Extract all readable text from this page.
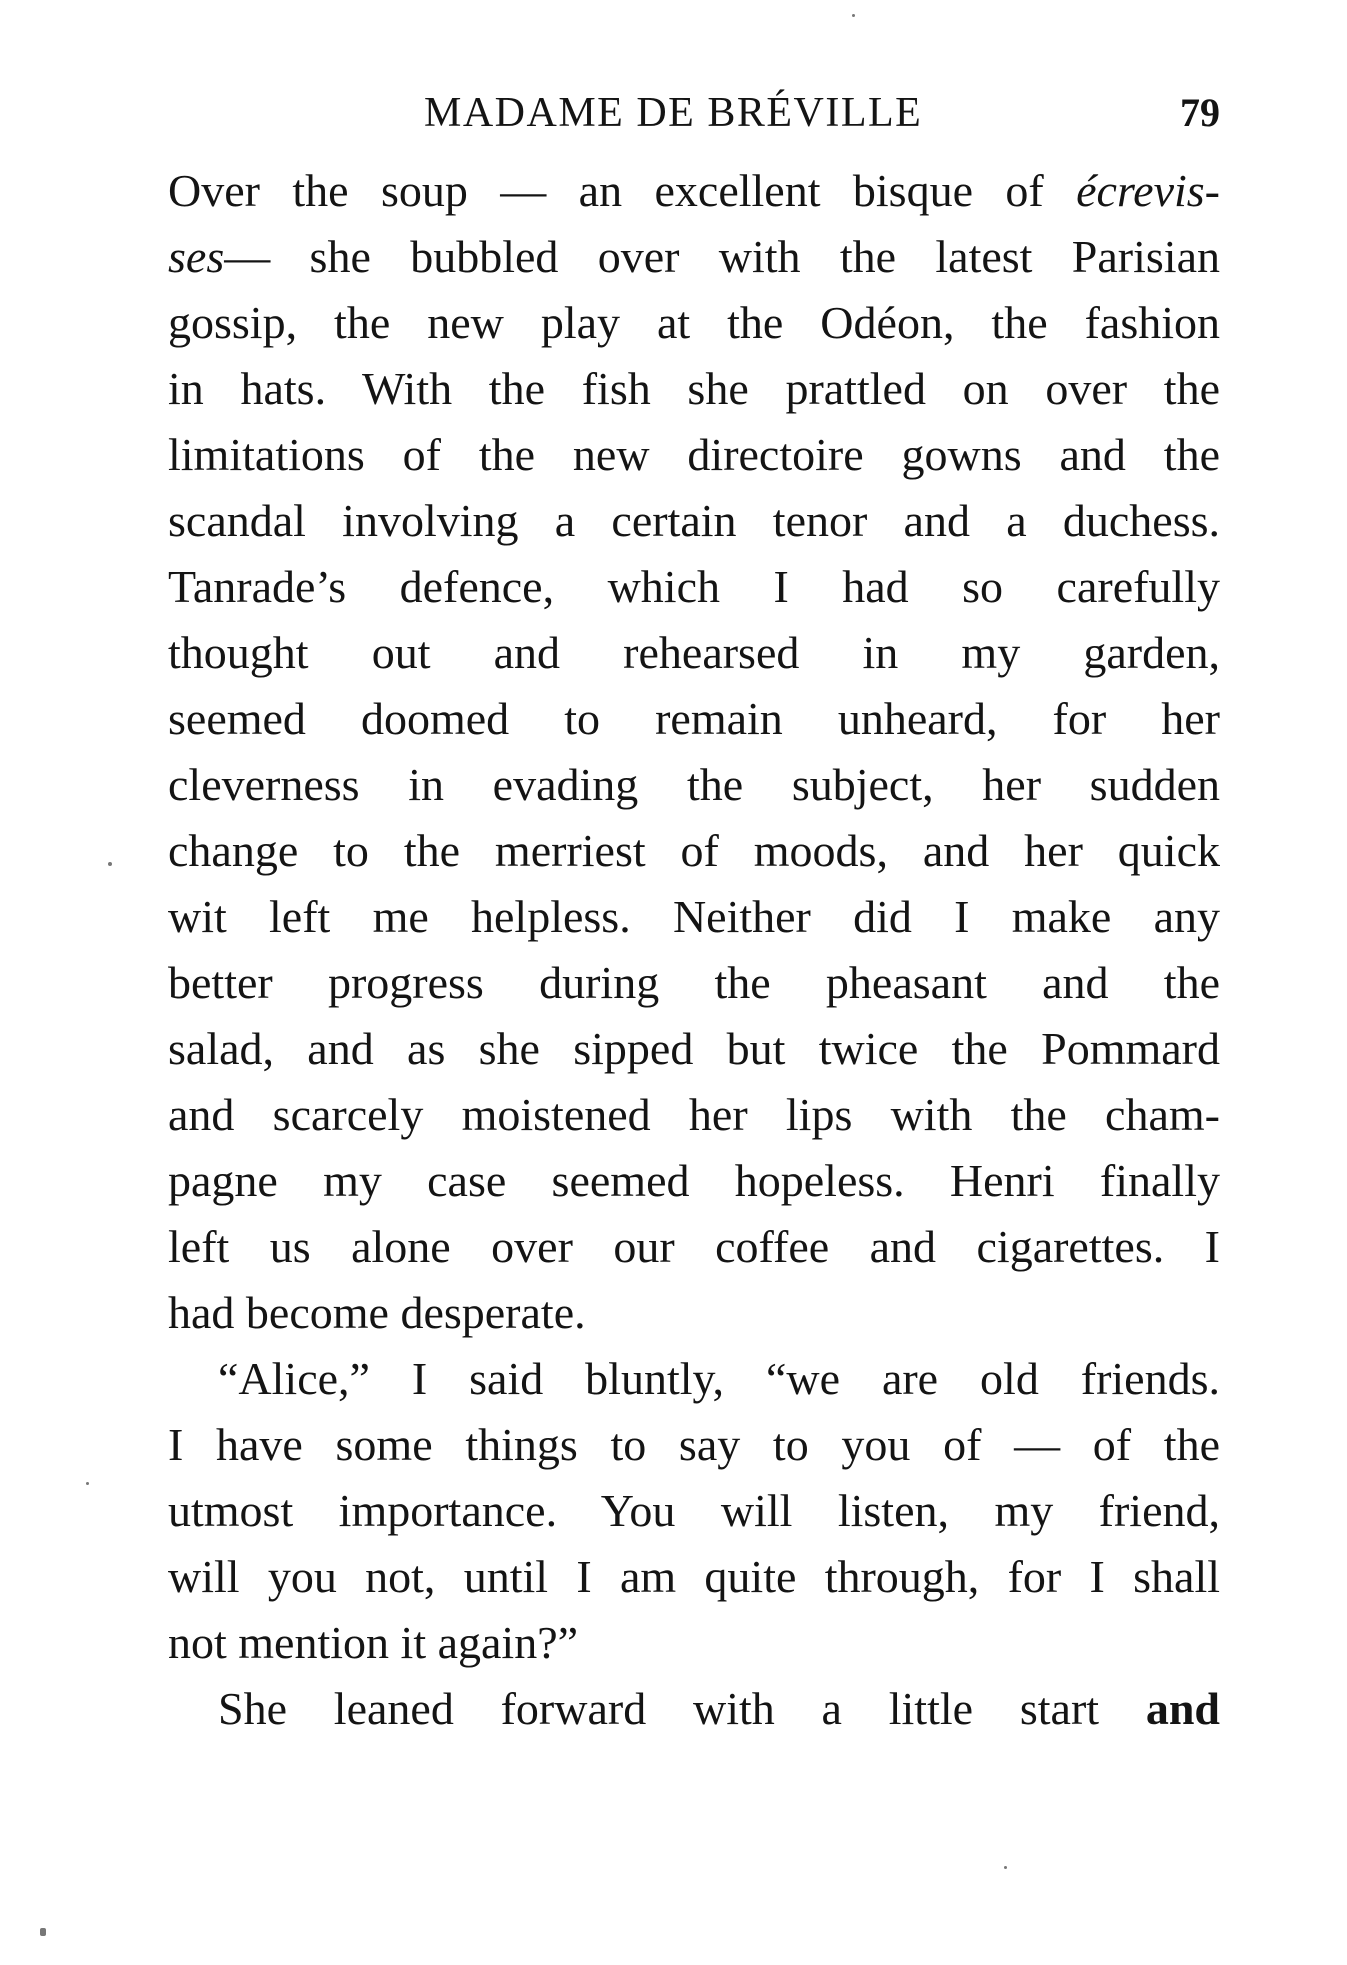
MADAME DE BRÉVILLE	79
Over the soup — an excellent bisque of écrevis-
ses— she bubbled over with the latest Parisian
gossip, the new play at the Odéon, the fashion
in hats. With the fish she prattled on over the
limitations of the new directoire gowns and the
scandal involving a certain tenor and a duchess.
Tanrade’s defence, which I had so carefully
thought out and rehearsed in my garden,
seemed doomed to remain unheard, for her
cleverness in evading the subject, her sudden
change to the merriest of moods, and her quick
wit left me helpless. Neither did I make any
better progress during the pheasant and the
salad, and as she sipped but twice the Pommard
and scarcely moistened her lips with the cham-
pagne my case seemed hopeless. Henri finally
left us alone over our coffee and cigarettes. I
had become desperate.
“Alice,” I said bluntly, “we are old friends.
I have some things to say to you of — of the
utmost importance. You will listen, my friend,
will you not, until I am quite through, for I shall
not mention it again?”
She leaned forward with a little start and
